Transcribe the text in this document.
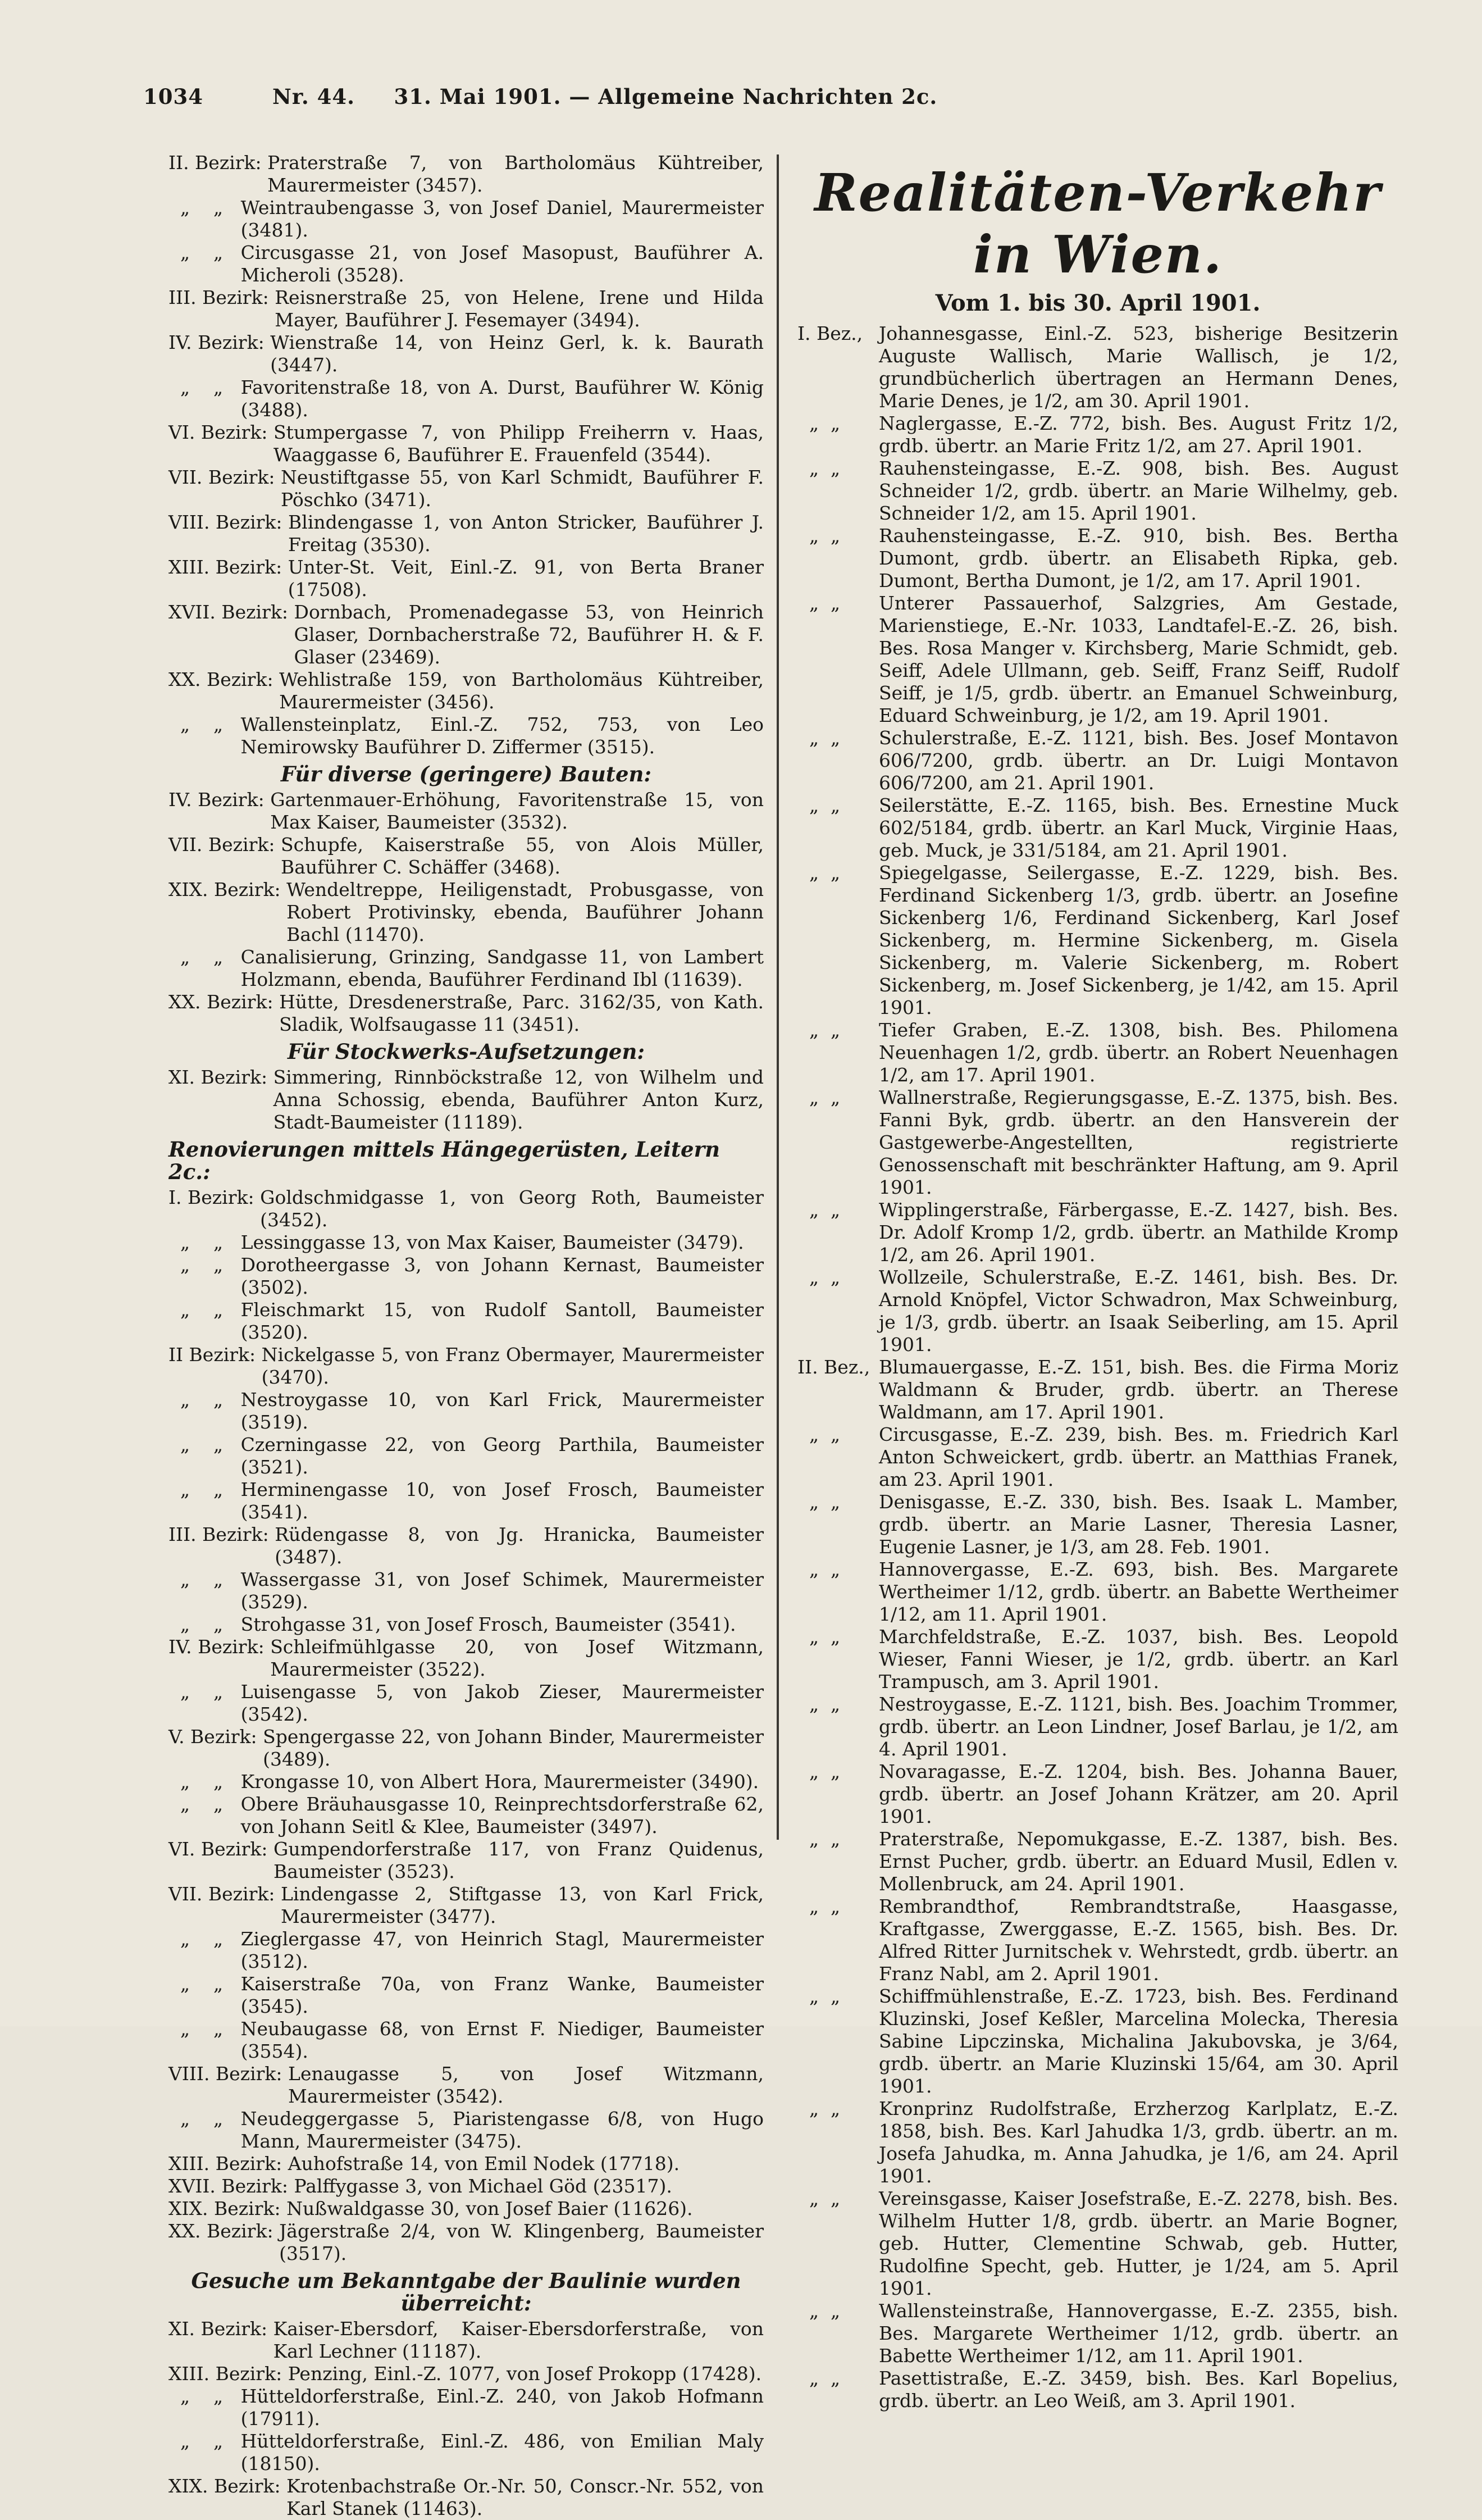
1034	Nr. 44. 31. Mai 1901. — Allgemeine Nachrichten 2c.
II. Bezirk: Praterstraße 7, von Bartholomäus Kühtreiber, Maurermeister (3457).
„    „ Weintraubengasse 3, von Josef Daniel, Maurermeister (3481).
„    „ Circusgasse 21, von Josef Masopust, Bauführer A. Micheroli (3528).
III. Bezirk: Reisnerstraße 25, von Helene, Irene und Hilda Mayer, Bauführer J. Fesemayer (3494).
IV. Bezirk: Wienstraße 14, von Heinz Gerl, k. k. Baurath (3447).
„    „ Favoritenstraße 18, von A. Durst, Bauführer W. König (3488).
VI. Bezirk: Stumpergasse 7, von Philipp Freiherrn v. Haas, Waaggasse 6, Bauführer E. Frauenfeld (3544).
VII. Bezirk: Neustiftgasse 55, von Karl Schmidt, Bauführer F. Pöschko (3471).
VIII. Bezirk: Blindengasse 1, von Anton Stricker, Bauführer J. Freitag (3530).
XIII. Bezirk: Unter-St. Veit, Einl.-Z. 91, von Berta Braner (17508).
XVII. Bezirk: Dornbach, Promenadegasse 53, von Heinrich Glaser, Dornbacherstraße 72, Bauführer H. & F. Glaser (23469).
XX. Bezirk: Wehlistraße 159, von Bartholomäus Kühtreiber, Maurermeister (3456).
„    „ Wallensteinplatz, Einl.-Z. 752, 753, von Leo Nemirowsky Bauführer D. Ziffermer (3515).
Für diverse (geringere) Bauten:
IV. Bezirk: Gartenmauer-Erhöhung, Favoritenstraße 15, von Max Kaiser, Baumeister (3532).
VII. Bezirk: Schupfe, Kaiserstraße 55, von Alois Müller, Bauführer C. Schäffer (3468).
XIX. Bezirk: Wendeltreppe, Heiligenstadt, Probusgasse, von Robert Protivinsky, ebenda, Bauführer Johann Bachl (11470).
„    „ Canalisierung, Grinzing, Sandgasse 11, von Lambert Holzmann, ebenda, Bauführer Ferdinand Ibl (11639).
XX. Bezirk: Hütte, Dresdenerstraße, Parc. 3162/35, von Kath. Sladik, Wolfsaugasse 11 (3451).
Für Stockwerks-Aufsetzungen:
XI. Bezirk: Simmering, Rinnböckstraße 12, von Wilhelm und Anna Schossig, ebenda, Bauführer Anton Kurz, Stadt-Baumeister (11189).
Renovierungen mittels Hängegerüsten, Leitern 2c.:
I. Bezirk: Goldschmidgasse 1, von Georg Roth, Baumeister (3452).
„    „ Lessinggasse 13, von Max Kaiser, Baumeister (3479).
„    „ Dorotheergasse 3, von Johann Kernast, Baumeister (3502).
„    „ Fleischmarkt 15, von Rudolf Santoll, Baumeister (3520).
II Bezirk: Nickelgasse 5, von Franz Obermayer, Maurermeister (3470).
„    „ Nestroygasse 10, von Karl Frick, Maurermeister (3519).
„    „ Czerningasse 22, von Georg Parthila, Baumeister (3521).
„    „ Herminengasse 10, von Josef Frosch, Baumeister (3541).
III. Bezirk: Rüdengasse 8, von Jg. Hranicka, Baumeister (3487).
„    „ Wassergasse 31, von Josef Schimek, Maurermeister (3529).
„    „ Strohgasse 31, von Josef Frosch, Baumeister (3541).
IV. Bezirk: Schleifmühlgasse 20, von Josef Witzmann, Maurermeister (3522).
„    „ Luisengasse 5, von Jakob Zieser, Maurermeister (3542).
V. Bezirk: Spengergasse 22, von Johann Binder, Maurermeister (3489).
„    „ Krongasse 10, von Albert Hora, Maurermeister (3490).
„    „ Obere Bräuhausgasse 10, Reinprechtsdorferstraße 62, von Johann Seitl & Klee, Baumeister (3497).
VI. Bezirk: Gumpendorferstraße 117, von Franz Quidenus, Baumeister (3523).
VII. Bezirk: Lindengasse 2, Stiftgasse 13, von Karl Frick, Maurermeister (3477).
„    „ Zieglergasse 47, von Heinrich Stagl, Maurermeister (3512).
„    „ Kaiserstraße 70a, von Franz Wanke, Baumeister (3545).
„    „ Neubaugasse 68, von Ernst F. Niediger, Baumeister (3554).
VIII. Bezirk: Lenaugasse 5, von Josef Witzmann, Maurermeister (3542).
„    „ Neudeggergasse 5, Piaristengasse 6/8, von Hugo Mann, Maurermeister (3475).
XIII. Bezirk: Auhofstraße 14, von Emil Nodek (17718).
XVII. Bezirk: Palffygasse 3, von Michael Göd (23517).
XIX. Bezirk: Nußwaldgasse 30, von Josef Baier (11626).
XX. Bezirk: Jägerstraße 2/4, von W. Klingenberg, Baumeister (3517).
Gesuche um Bekanntgabe der Baulinie wurden überreicht:
XI. Bezirk: Kaiser-Ebersdorf, Kaiser-Ebersdorferstraße, von Karl Lechner (11187).
XIII. Bezirk: Penzing, Einl.-Z. 1077, von Josef Prokopp (17428).
„    „ Hütteldorferstraße, Einl.-Z. 240, von Jakob Hofmann (17911).
„    „ Hütteldorferstraße, Einl.-Z. 486, von Emilian Maly (18150).
XIX. Bezirk: Krotenbachstraße Or.-Nr. 50, Conscr.-Nr. 552, von Karl Stanek (11463).
Realitäten-Verkehr in Wien.
Vom 1. bis 30. April 1901.
I. Bez., Johannesgasse, Einl.-Z. 523, bisherige Besitzerin Auguste Wallisch, Marie Wallisch, je 1/2, grundbücherlich übertragen an Hermann Denes, Marie Denes, je 1/2, am 30. April 1901.
„  „	Naglergasse, E.-Z. 772, bish. Bes. August Fritz 1/2, grdb. übertr. an Marie Fritz 1/2, am 27. April 1901.
„  „	Rauhensteingasse, E.-Z. 908, bish. Bes. August Schneider 1/2, grdb. übertr. an Marie Wilhelmy, geb. Schneider 1/2, am 15. April 1901.
„  „	Rauhensteingasse, E.-Z. 910, bish. Bes. Bertha Dumont, grdb. übertr. an Elisabeth Ripka, geb. Dumont, Bertha Dumont, je 1/2, am 17. April 1901.
„  „	Unterer Passauerhof, Salzgries, Am Gestade, Marienstiege, E.-Nr. 1033, Landtafel-E.-Z. 26, bish. Bes. Rosa Manger v. Kirchsberg, Marie Schmidt, geb. Seiff, Adele Ullmann, geb. Seiff, Franz Seiff, Rudolf Seiff, je 1/5, grdb. übertr. an Emanuel Schweinburg, Eduard Schweinburg, je 1/2, am 19. April 1901.
„  „	Schulerstraße, E.-Z. 1121, bish. Bes. Josef Montavon 606/7200, grdb. übertr. an Dr. Luigi Montavon 606/7200, am 21. April 1901.
„  „	Seilerstätte, E.-Z. 1165, bish. Bes. Ernestine Muck 602/5184, grdb. übertr. an Karl Muck, Virginie Haas, geb. Muck, je 331/5184, am 21. April 1901.
„  „	Spiegelgasse, Seilergasse, E.-Z. 1229, bish. Bes. Ferdinand Sickenberg 1/3, grdb. übertr. an Josefine Sickenberg 1/6, Ferdinand Sickenberg, Karl Josef Sickenberg, m. Hermine Sickenberg, m. Gisela Sickenberg, m. Valerie Sickenberg, m. Robert Sickenberg, m. Josef Sickenberg, je 1/42, am 15. April 1901.
„  „	Tiefer Graben, E.-Z. 1308, bish. Bes. Philomena Neuenhagen 1/2, grdb. übertr. an Robert Neuenhagen 1/2, am 17. April 1901.
„  „	Wallnerstraße, Regierungsgasse, E.-Z. 1375, bish. Bes. Fanni Byk, grdb. übertr. an den Hansverein der Gastgewerbe-Angestellten, registrierte Genossenschaft mit beschränkter Haftung, am 9. April 1901.
„  „	Wipplingerstraße, Färbergasse, E.-Z. 1427, bish. Bes. Dr. Adolf Kromp 1/2, grdb. übertr. an Mathilde Kromp 1/2, am 26. April 1901.
„  „	Wollzeile, Schulerstraße, E.-Z. 1461, bish. Bes. Dr. Arnold Knöpfel, Victor Schwadron, Max Schweinburg, je 1/3, grdb. übertr. an Isaak Seiberling, am 15. April 1901.
II. Bez., Blumauergasse, E.-Z. 151, bish. Bes. die Firma Moriz Waldmann & Bruder, grdb. übertr. an Therese Waldmann, am 17. April 1901.
„  „	Circusgasse, E.-Z. 239, bish. Bes. m. Friedrich Karl Anton Schweickert, grdb. übertr. an Matthias Franek, am 23. April 1901.
„  „	Denisgasse, E.-Z. 330, bish. Bes. Isaak L. Mamber, grdb. übertr. an Marie Lasner, Theresia Lasner, Eugenie Lasner, je 1/3, am 28. Feb. 1901.
„  „	Hannovergasse, E.-Z. 693, bish. Bes. Margarete Wertheimer 1/12, grdb. übertr. an Babette Wertheimer 1/12, am 11. April 1901.
„  „	Marchfeldstraße, E.-Z. 1037, bish. Bes. Leopold Wieser, Fanni Wieser, je 1/2, grdb. übertr. an Karl Trampusch, am 3. April 1901.
„  „	Nestroygasse, E.-Z. 1121, bish. Bes. Joachim Trommer, grdb. übertr. an Leon Lindner, Josef Barlau, je 1/2, am 4. April 1901.
„  „	Novaragasse, E.-Z. 1204, bish. Bes. Johanna Bauer, grdb. übertr. an Josef Johann Krätzer, am 20. April 1901.
„  „	Praterstraße, Nepomukgasse, E.-Z. 1387, bish. Bes. Ernst Pucher, grdb. übertr. an Eduard Musil, Edlen v. Mollenbruck, am 24. April 1901.
„  „	Rembrandthof, Rembrandtstraße, Haasgasse, Kraftgasse, Zwerggasse, E.-Z. 1565, bish. Bes. Dr. Alfred Ritter Jurnitschek v. Wehrstedt, grdb. übertr. an Franz Nabl, am 2. April 1901.
„  „	Schiffmühlenstraße, E.-Z. 1723, bish. Bes. Ferdinand Kluzinski, Josef Keßler, Marcelina Molecka, Theresia Sabine Lipczinska, Michalina Jakubovska, je 3/64, grdb. übertr. an Marie Kluzinski 15/64, am 30. April 1901.
„  „	Kronprinz Rudolfstraße, Erzherzog Karlplatz, E.-Z. 1858, bish. Bes. Karl Jahudka 1/3, grdb. übertr. an m. Josefa Jahudka, m. Anna Jahudka, je 1/6, am 24. April 1901.
„  „	Vereinsgasse, Kaiser Josefstraße, E.-Z. 2278, bish. Bes. Wilhelm Hutter 1/8, grdb. übertr. an Marie Bogner, geb. Hutter, Clementine Schwab, geb. Hutter, Rudolfine Specht, geb. Hutter, je 1/24, am 5. April 1901.
„  „	Wallensteinstraße, Hannovergasse, E.-Z. 2355, bish. Bes. Margarete Wertheimer 1/12, grdb. übertr. an Babette Wertheimer 1/12, am 11. April 1901.
„  „	Pasettistraße, E.-Z. 3459, bish. Bes. Karl Bopelius, grdb. übertr. an Leo Weiß, am 3. April 1901.
